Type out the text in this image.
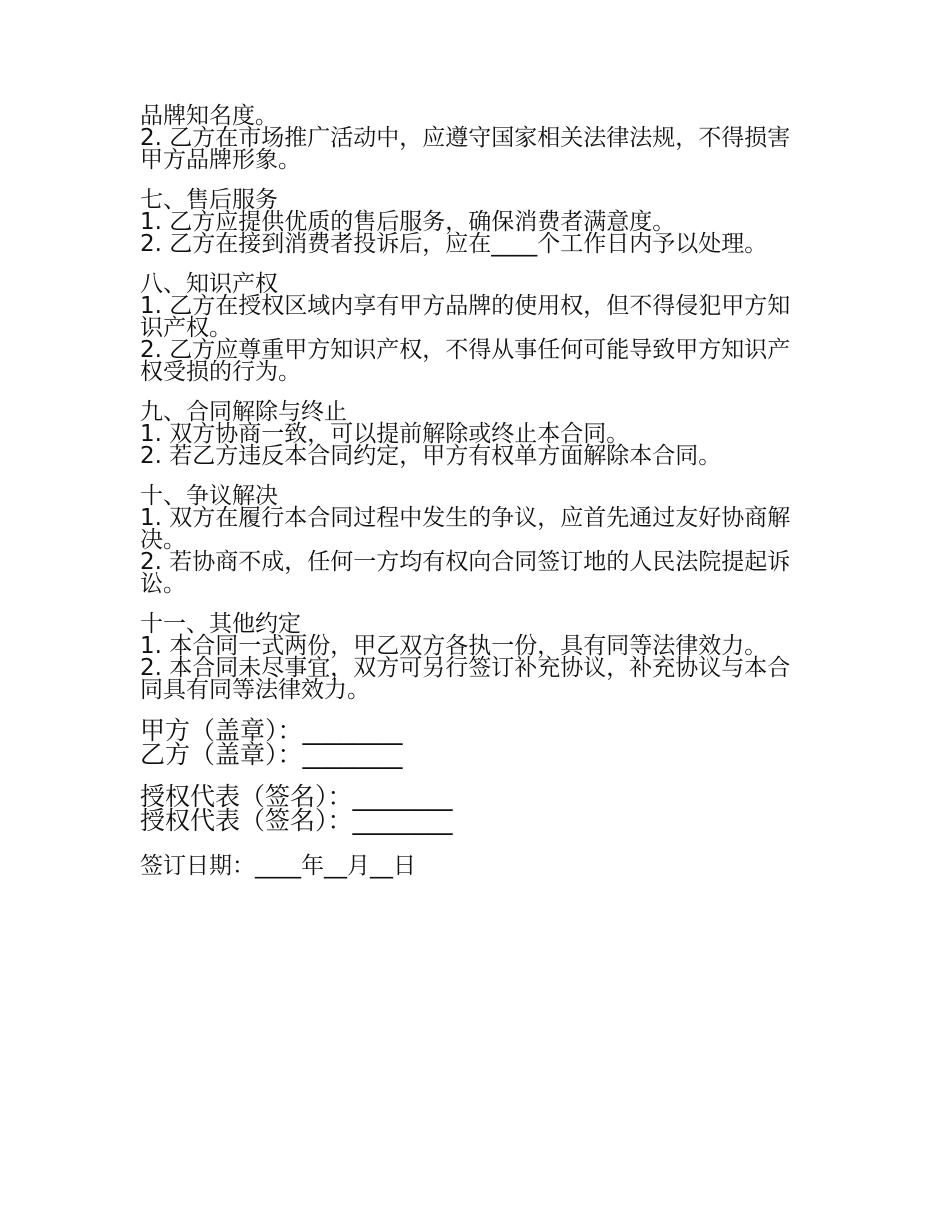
品牌知名度。

2. 乙方在市场推广活动中，应遵守国家相关法律法规，不得损害甲方品牌形象。

七、售后服务

1. 乙方应提供优质的售后服务，确保消费者满意度。

2. 乙方在接到消费者投诉后，应在____个工作日内予以处理。

八、知识产权

1. 乙方在授权区域内享有甲方品牌的使用权，但不得侵犯甲方知识产权。

2. 乙方应尊重甲方知识产权，不得从事任何可能导致甲方知识产权受损的行为。

九、合同解除与终止

1. 双方协商一致，可以提前解除或终止本合同。

2. 若乙方违反本合同约定，甲方有权单方面解除本合同。

十、争议解决

1. 双方在履行本合同过程中发生的争议，应首先通过友好协商解决。

2. 若协商不成，任何一方均有权向合同签订地的人民法院提起诉讼。

十一、其他约定

1. 本合同一式两份，甲乙双方各执一份，具有同等法律效力。

2. 本合同未尽事宜，双方可另行签订补充协议，补充协议与本合同具有同等法律效力。

甲方（盖章）：________

乙方（盖章）：________

授权代表（签名）：________

授权代表（签名）：________

签订日期：____年__月__日
